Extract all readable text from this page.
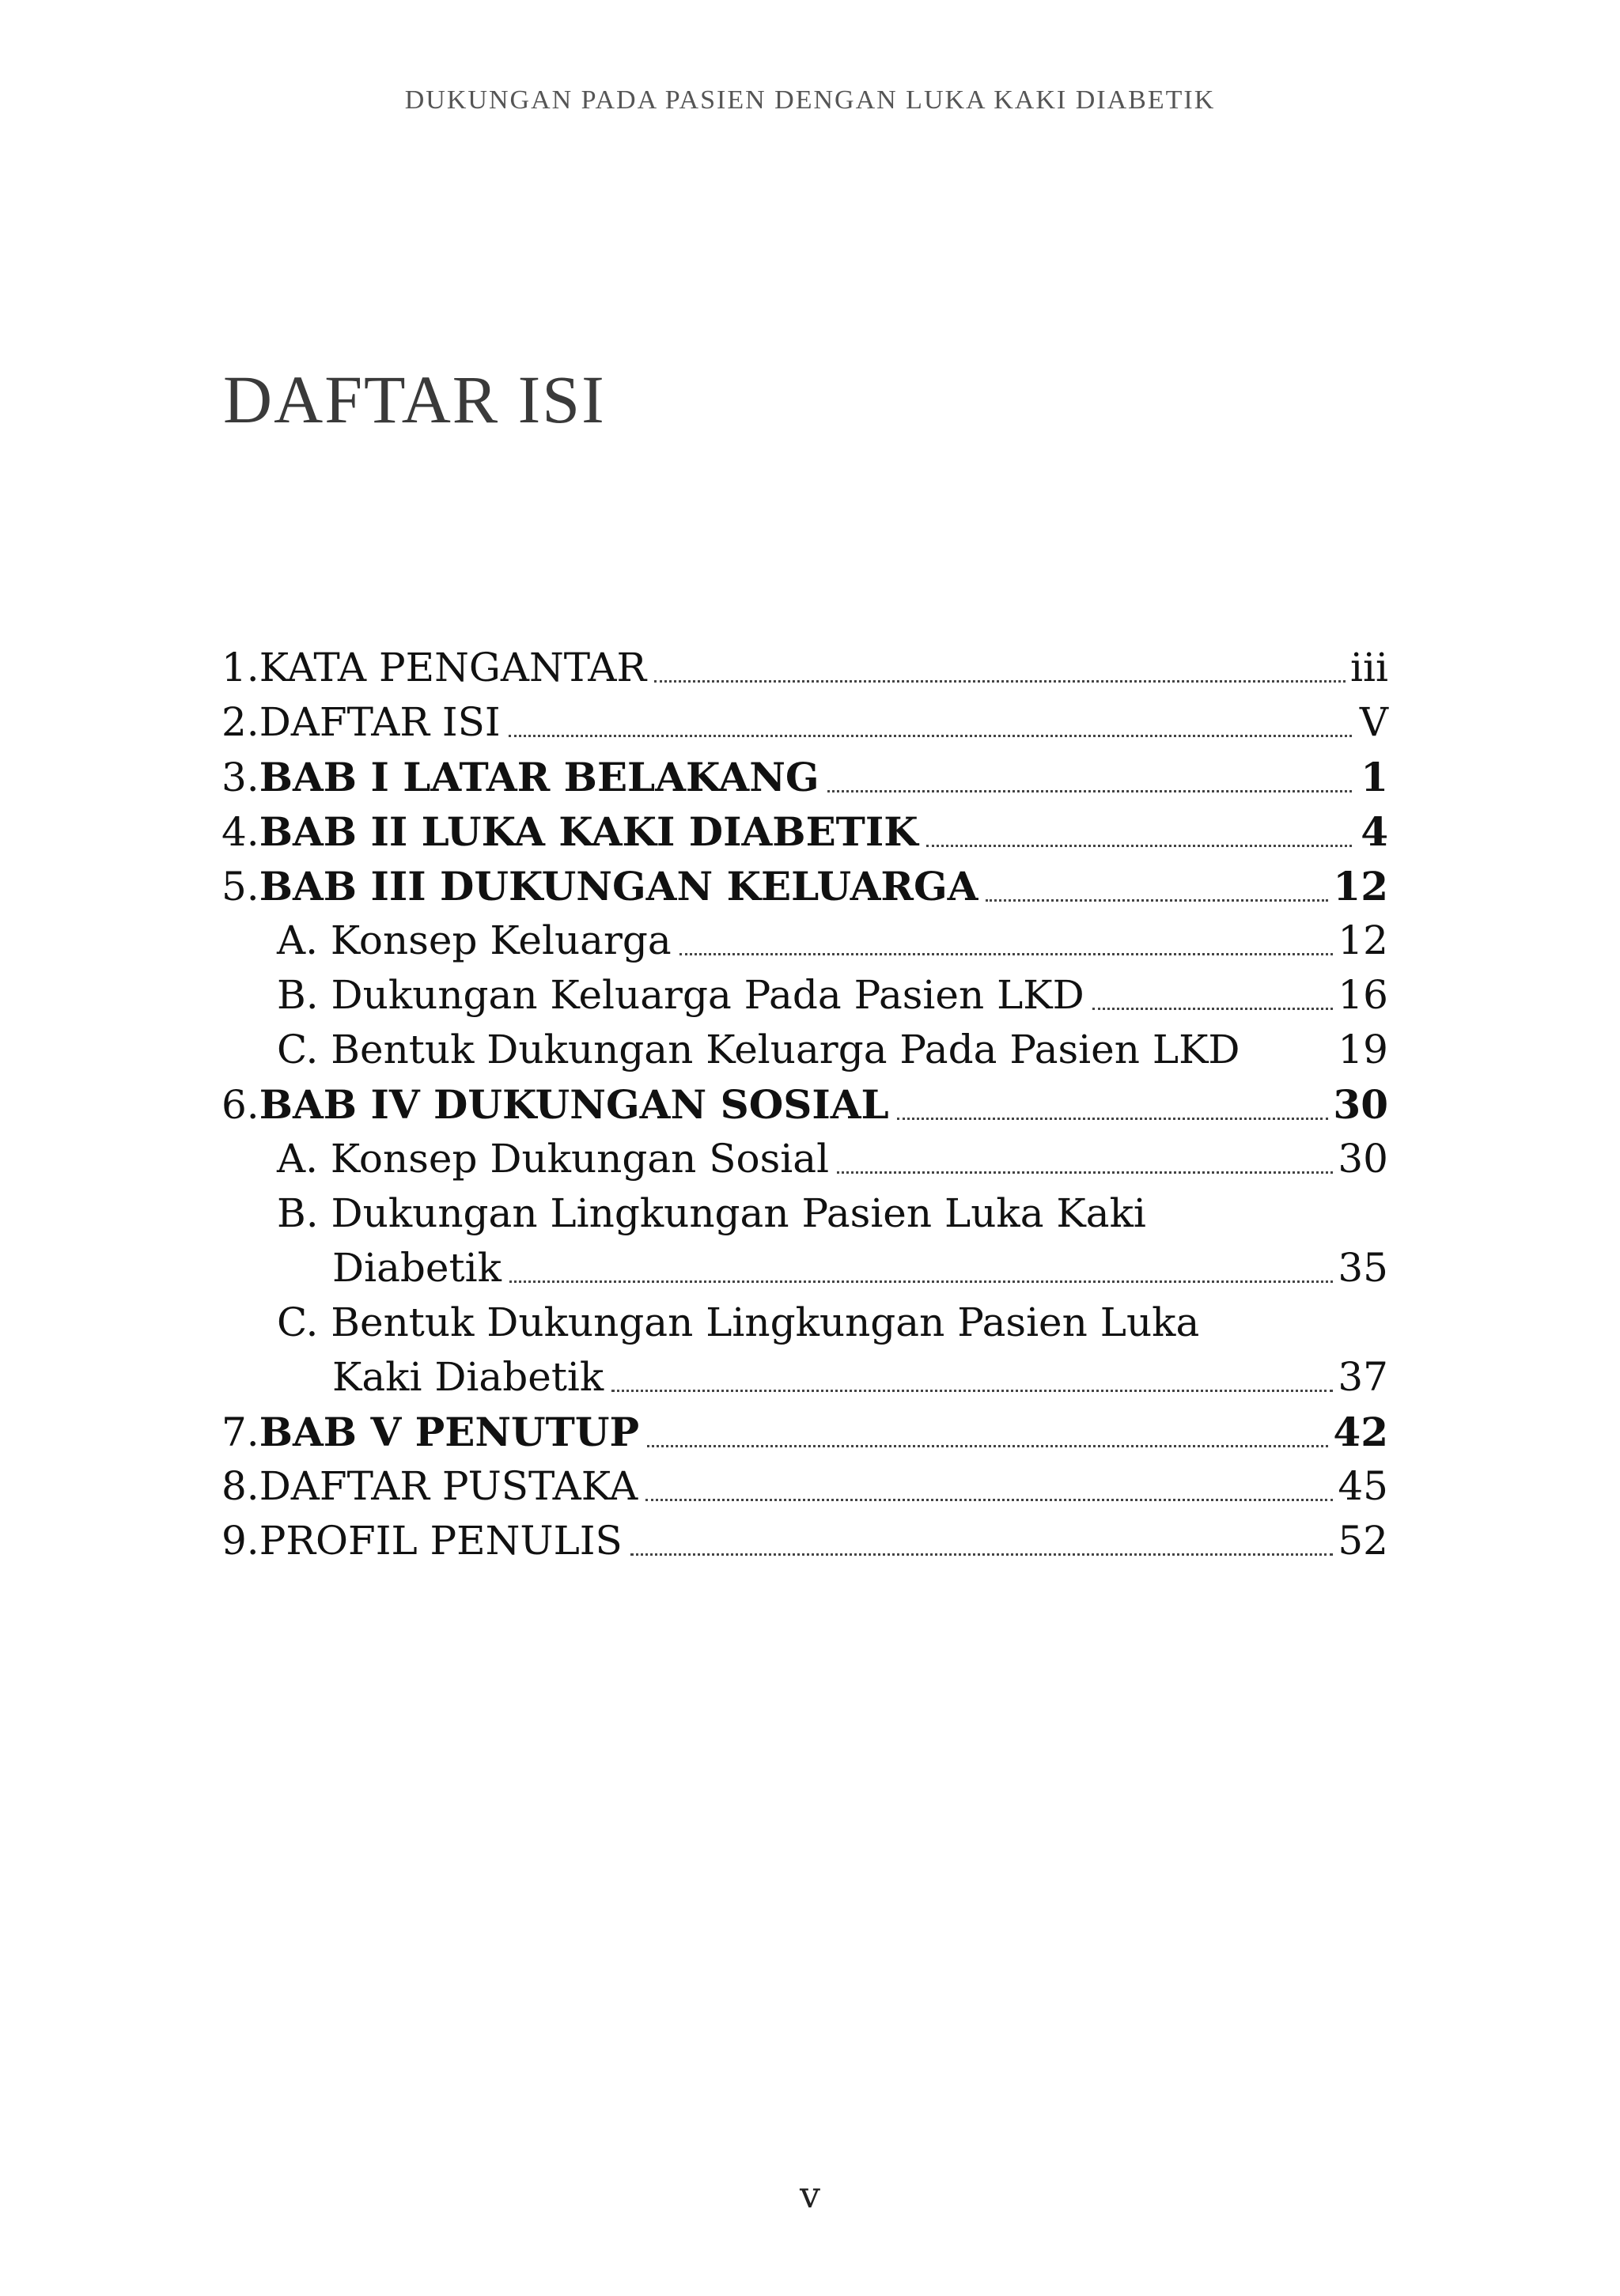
DUKUNGAN PADA PASIEN DENGAN LUKA KAKI DIABETIK
DAFTAR ISI
1. KATA PENGANTAR	iii
2. DAFTAR ISI	V
3. BAB I LATAR BELAKANG	1
4. BAB II LUKA KAKI DIABETIK	4
5. BAB III DUKUNGAN KELUARGA	12
A. Konsep Keluarga	12
B. Dukungan Keluarga Pada Pasien LKD	16
C. Bentuk Dukungan Keluarga Pada Pasien LKD 19
6. BAB IV DUKUNGAN SOSIAL	30
A. Konsep Dukungan Sosial	30
B. Dukungan Lingkungan Pasien Luka Kaki
Diabetik	35
C. Bentuk Dukungan Lingkungan Pasien Luka
Kaki Diabetik	37
7. BAB V PENUTUP	42
8. DAFTAR PUSTAKA	45
9. PROFIL PENULIS	52
v
